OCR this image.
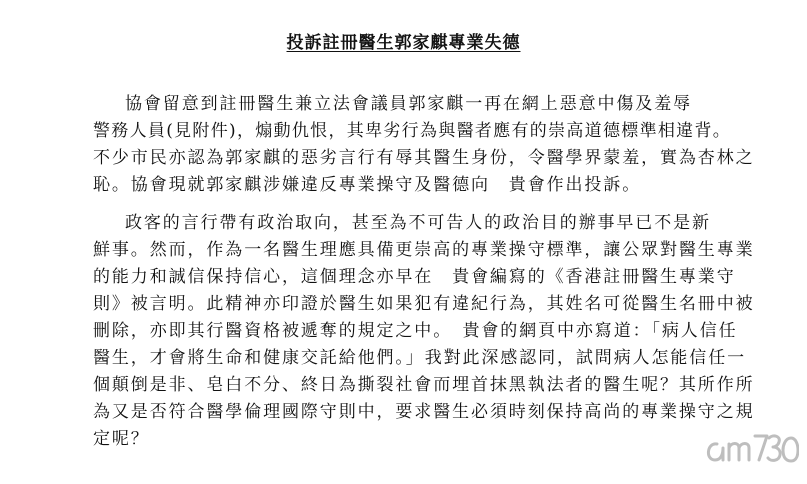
投訴註冊醫生郭家麒專業失德
協會留意到註冊醫生兼立法會議員郭家麒一再在網上惡意中傷及羞辱
警務人員(見附件)，煽動仇恨，其卑劣行為與醫者應有的崇高道德標準相違背。
不少市民亦認為郭家麒的惡劣言行有辱其醫生身份，令醫學界蒙羞，實為杏林之
恥。協會現就郭家麒涉嫌違反專業操守及醫德向　貴會作出投訴。
政客的言行帶有政治取向，甚至為不可告人的政治目的辦事早已不是新
鮮事。然而，作為一名醫生理應具備更崇高的專業操守標準，讓公眾對醫生專業
的能力和誠信保持信心，這個理念亦早在　貴會編寫的《香港註冊醫生專業守
則》被言明。此精神亦印證於醫生如果犯有違紀行為，其姓名可從醫生名冊中被
刪除，亦即其行醫資格被遞奪的規定之中。　貴會的網頁中亦寫道：「病人信任
醫生，才會將生命和健康交託給他們。」我對此深感認同，試問病人怎能信任一
個顛倒是非、皂白不分、終日為撕裂社會而埋首抹黑執法者的醫生呢？其所作所
為又是否符合醫學倫理國際守則中，要求醫生必須時刻保持高尚的專業操守之規
定呢？
